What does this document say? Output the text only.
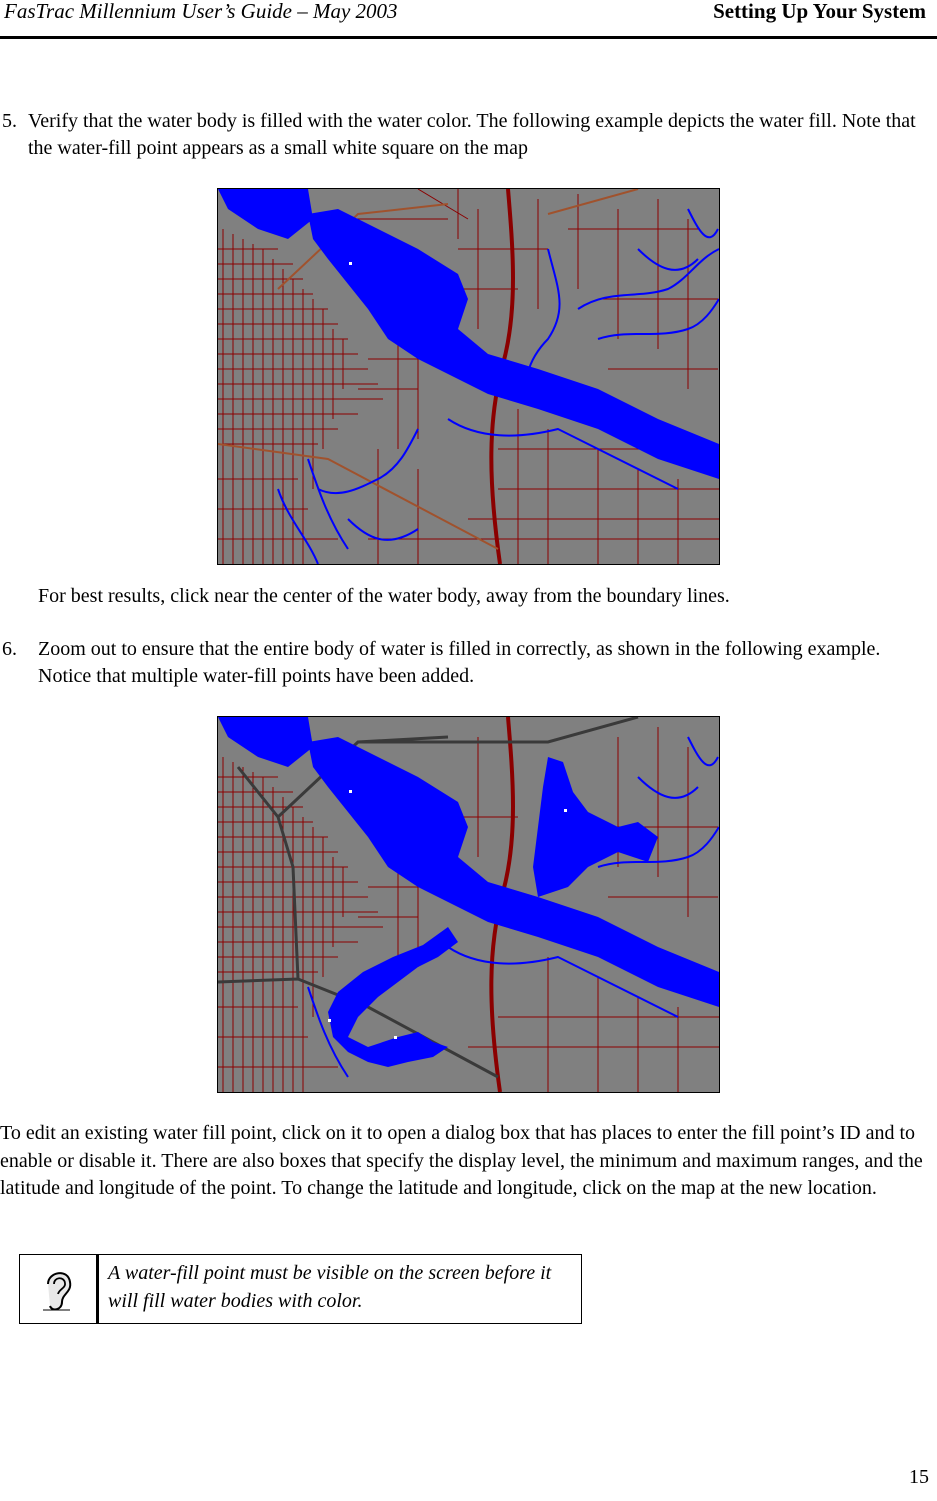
FasTrac Millennium User’s Guide – May 2003	Setting Up Your System
5. Verify that the water body is filled with the water color. The following example depicts the water fill. Note that the water-fill point appears as a small white square on the map
For best results, click near the center of the water body, away from the boundary lines.
6. Zoom out to ensure that the entire body of water is filled in correctly, as shown in the following example. Notice that multiple water-fill points have been added.
To edit an existing water fill point, click on it to open a dialog box that has places to enter the fill point’s ID and to enable or disable it. There are also boxes that specify the display level, the minimum and maximum ranges, and the latitude and longitude of the point. To change the latitude and longitude, click on the map at the new location.
A water-fill point must be visible on the screen before it will fill water bodies with color.
15
